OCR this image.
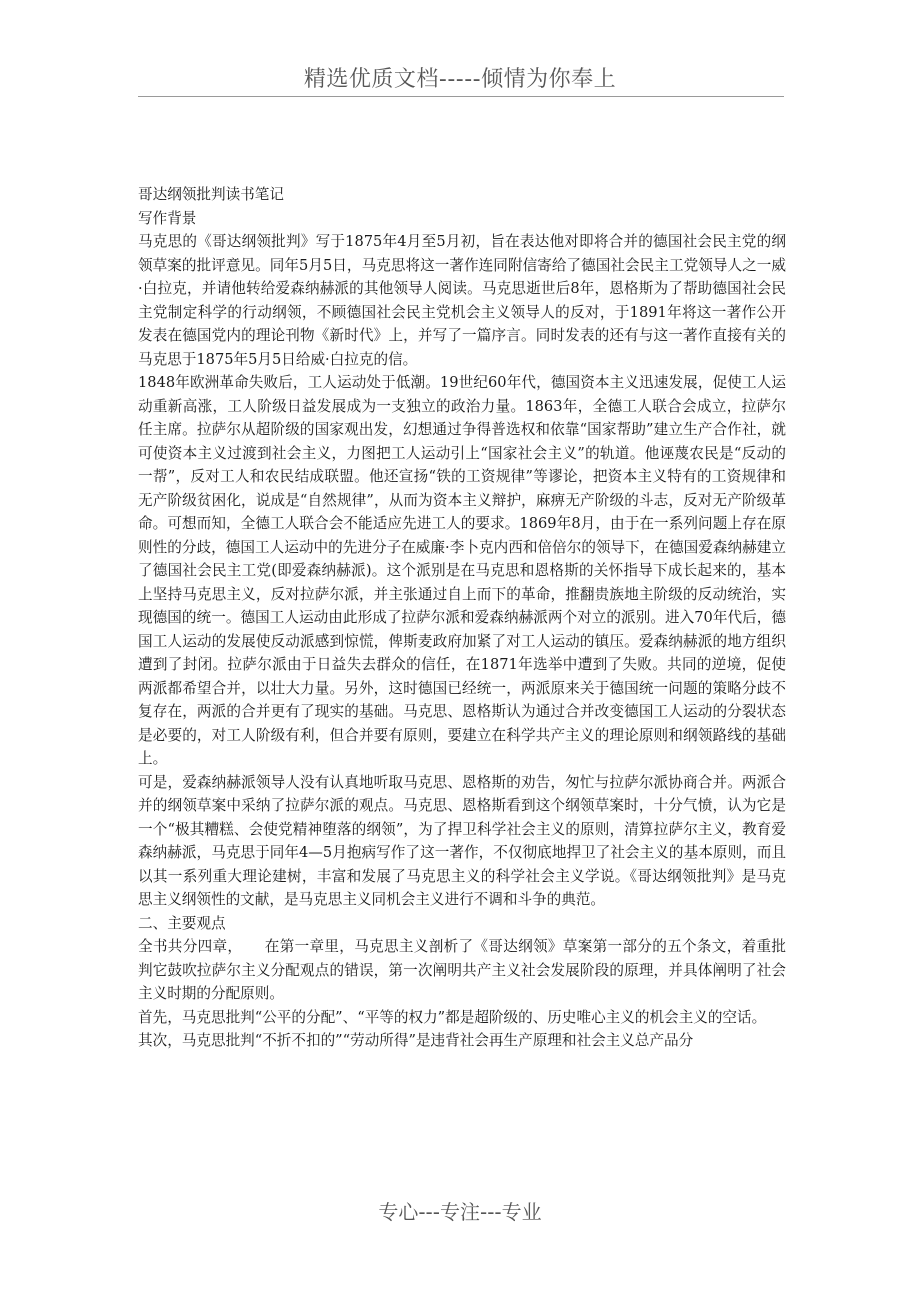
精选优质文档-----倾情为你奉上

哥达纲领批判读书笔记

写作背景

马克思的《哥达纲领批判》写于1875年4月至5月初，旨在表达他对即将合并的德国社会民主党的纲领草案的批评意见。同年5月5日，马克思将这一著作连同附信寄给了德国社会民主工党领导人之一威·白拉克，并请他转给爱森纳赫派的其他领导人阅读。马克思逝世后8年，恩格斯为了帮助德国社会民主党制定科学的行动纲领，不顾德国社会民主党机会主义领导人的反对，于1891年将这一著作公开发表在德国党内的理论刊物《新时代》上，并写了一篇序言。同时发表的还有与这一著作直接有关的马克思于1875年5月5日给威·白拉克的信。

1848年欧洲革命失败后，工人运动处于低潮。19世纪60年代，德国资本主义迅速发展，促使工人运动重新高涨，工人阶级日益发展成为一支独立的政治力量。1863年，全德工人联合会成立，拉萨尔任主席。拉萨尔从超阶级的国家观出发，幻想通过争得普选权和依靠“国家帮助”建立生产合作社，就可使资本主义过渡到社会主义，力图把工人运动引上“国家社会主义”的轨道。他诬蔑农民是“反动的一帮”，反对工人和农民结成联盟。他还宣扬“铁的工资规律”等谬论，把资本主义特有的工资规律和无产阶级贫困化，说成是“自然规律”，从而为资本主义辩护，麻痹无产阶级的斗志，反对无产阶级革命。可想而知，全德工人联合会不能适应先进工人的要求。1869年8月，由于在一系列问题上存在原则性的分歧，德国工人运动中的先进分子在威廉·李卜克内西和倍倍尔的领导下，在德国爱森纳赫建立了德国社会民主工党(即爱森纳赫派)。这个派别是在马克思和恩格斯的关怀指导下成长起来的，基本上坚持马克思主义，反对拉萨尔派，并主张通过自上而下的革命，推翻贵族地主阶级的反动统治，实现德国的统一。德国工人运动由此形成了拉萨尔派和爱森纳赫派两个对立的派别。进入70年代后，德国工人运动的发展使反动派感到惊慌，俾斯麦政府加紧了对工人运动的镇压。爱森纳赫派的地方组织遭到了封闭。拉萨尔派由于日益失去群众的信任，在1871年选举中遭到了失败。共同的逆境，促使两派都希望合并，以壮大力量。另外，这时德国已经统一，两派原来关于德国统一问题的策略分歧不复存在，两派的合并更有了现实的基础。马克思、恩格斯认为通过合并改变德国工人运动的分裂状态是必要的，对工人阶级有利，但合并要有原则，要建立在科学共产主义的理论原则和纲领路线的基础上。

可是，爱森纳赫派领导人没有认真地听取马克思、恩格斯的劝告，匆忙与拉萨尔派协商合并。两派合并的纲领草案中采纳了拉萨尔派的观点。马克思、恩格斯看到这个纲领草案时，十分气愤，认为它是一个“极其糟糕、会使党精神堕落的纲领”，为了捍卫科学社会主义的原则，清算拉萨尔主义，教育爱森纳赫派，马克思于同年4—5月抱病写作了这一著作，不仅彻底地捍卫了社会主义的基本原则，而且以其一系列重大理论建树，丰富和发展了马克思主义的科学社会主义学说。《哥达纲领批判》是马克思主义纲领性的文献，是马克思主义同机会主义进行不调和斗争的典范。

二、主要观点

全书共分四章，　　在第一章里，马克思主义剖析了《哥达纲领》草案第一部分的五个条文，着重批判它鼓吹拉萨尔主义分配观点的错误，第一次阐明共产主义社会发展阶段的原理，并具体阐明了社会主义时期的分配原则。

首先，马克思批判“公平的分配”、“平等的权力”都是超阶级的、历史唯心主义的机会主义的空话。

其次，马克思批判“不折不扣的”“劳动所得”是违背社会再生产原理和社会主义总产品分

专心---专注---专业
